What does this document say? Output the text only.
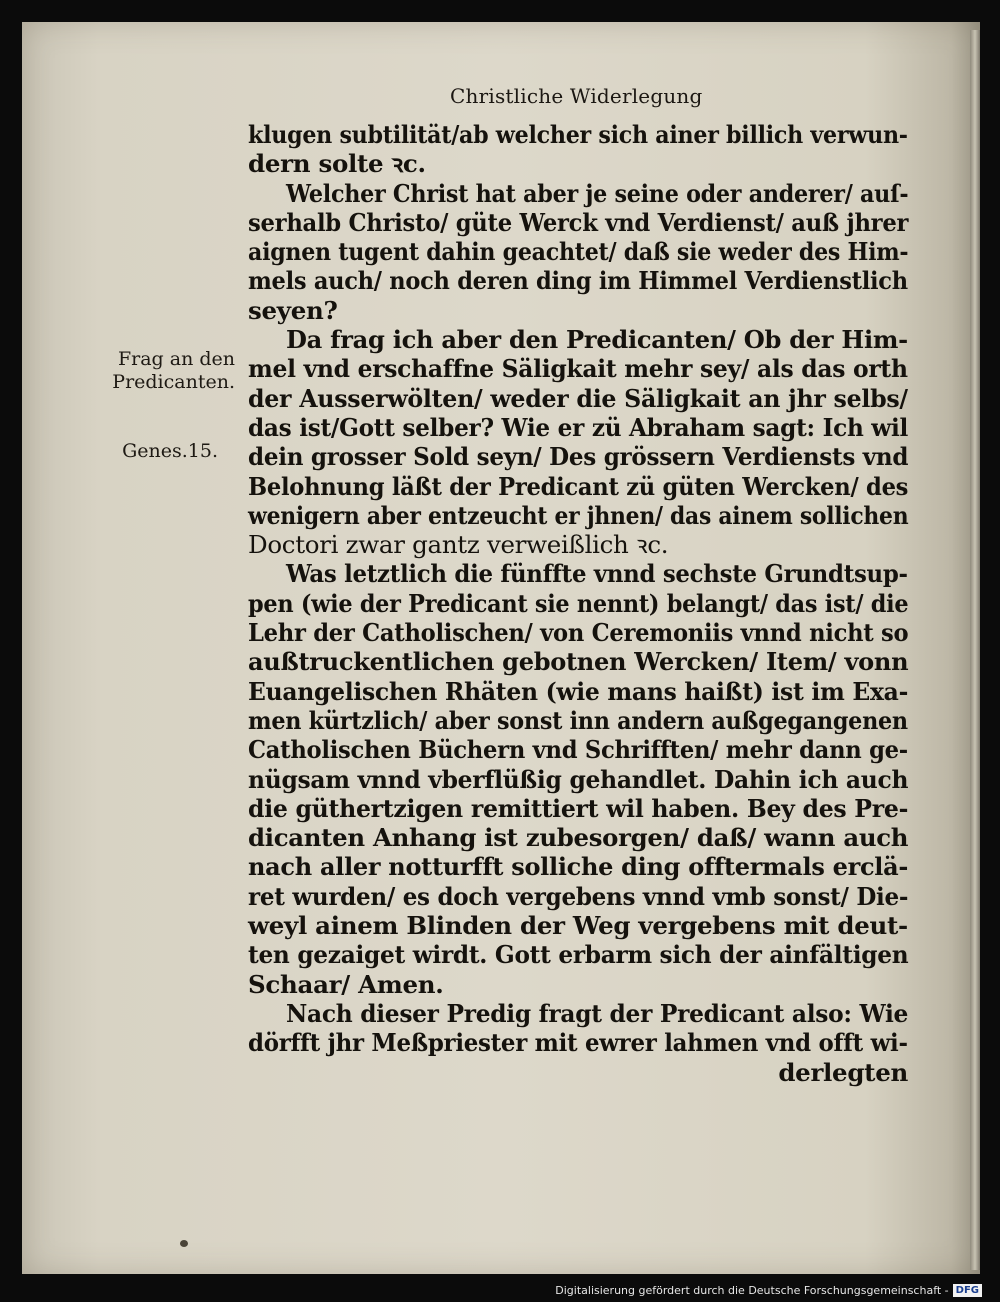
Christliche Widerlegung
Frag an den
Predicanten.
Genes.15.
klugen subtilität/ab welcher sich ainer billich verwun-
dern solte ꝛc.
Welcher Christ hat aber je seine oder anderer/ auſ-
serhalb Christo/ güte Werck vnd Verdienst/ auß jhrer
aignen tugent dahin geachtet/ daß sie weder des Him-
mels auch/ noch deren ding im Himmel Verdienstlich
seyen?
Da frag ich aber den Predicanten/ Ob der Him-
mel vnd erschaffne Säligkait mehr sey/ als das orth
der Ausserwölten/ weder die Säligkait an jhr selbs/
das ist/Gott selber? Wie er zü Abraham sagt: Ich wil
dein grosser Sold seyn/ Des grössern Verdiensts vnd
Belohnung läßt der Predicant zü güten Wercken/ des
wenigern aber entzeucht er jhnen/ das ainem sollichen
Doctori zwar gantz verweißlich ꝛc.
Was letztlich die fünffte vnnd sechste Grundtsup-
pen (wie der Predicant sie nennt) belangt/ das ist/ die
Lehr der Catholischen/ von Ceremoniis vnnd nicht so
außtruckentlichen gebotnen Wercken/ Item/ vonn
Euangelischen Rhäten (wie mans haißt) ist im Exa-
men kürtzlich/ aber sonst inn andern außgegangenen
Catholischen Büchern vnd Schrifften/ mehr dann ge-
nügsam vnnd vberflüßig gehandlet. Dahin ich auch
die güthertzigen remittiert wil haben. Bey des Pre-
dicanten Anhang ist zubesorgen/ daß/ wann auch
nach aller notturfft solliche ding offtermals erclä-
ret wurden/ es doch vergebens vnnd vmb sonst/ Die-
weyl ainem Blinden der Weg vergebens mit deut-
ten gezaiget wirdt. Gott erbarm sich der ainfältigen
Schaar/ Amen.
Nach dieser Predig fragt der Predicant also: Wie
dörfft jhr Meßpriester mit ewrer lahmen vnd offt wi-
derlegten
Digitalisierung gefördert durch die Deutsche Forschungsgemeinschaft - DFG
